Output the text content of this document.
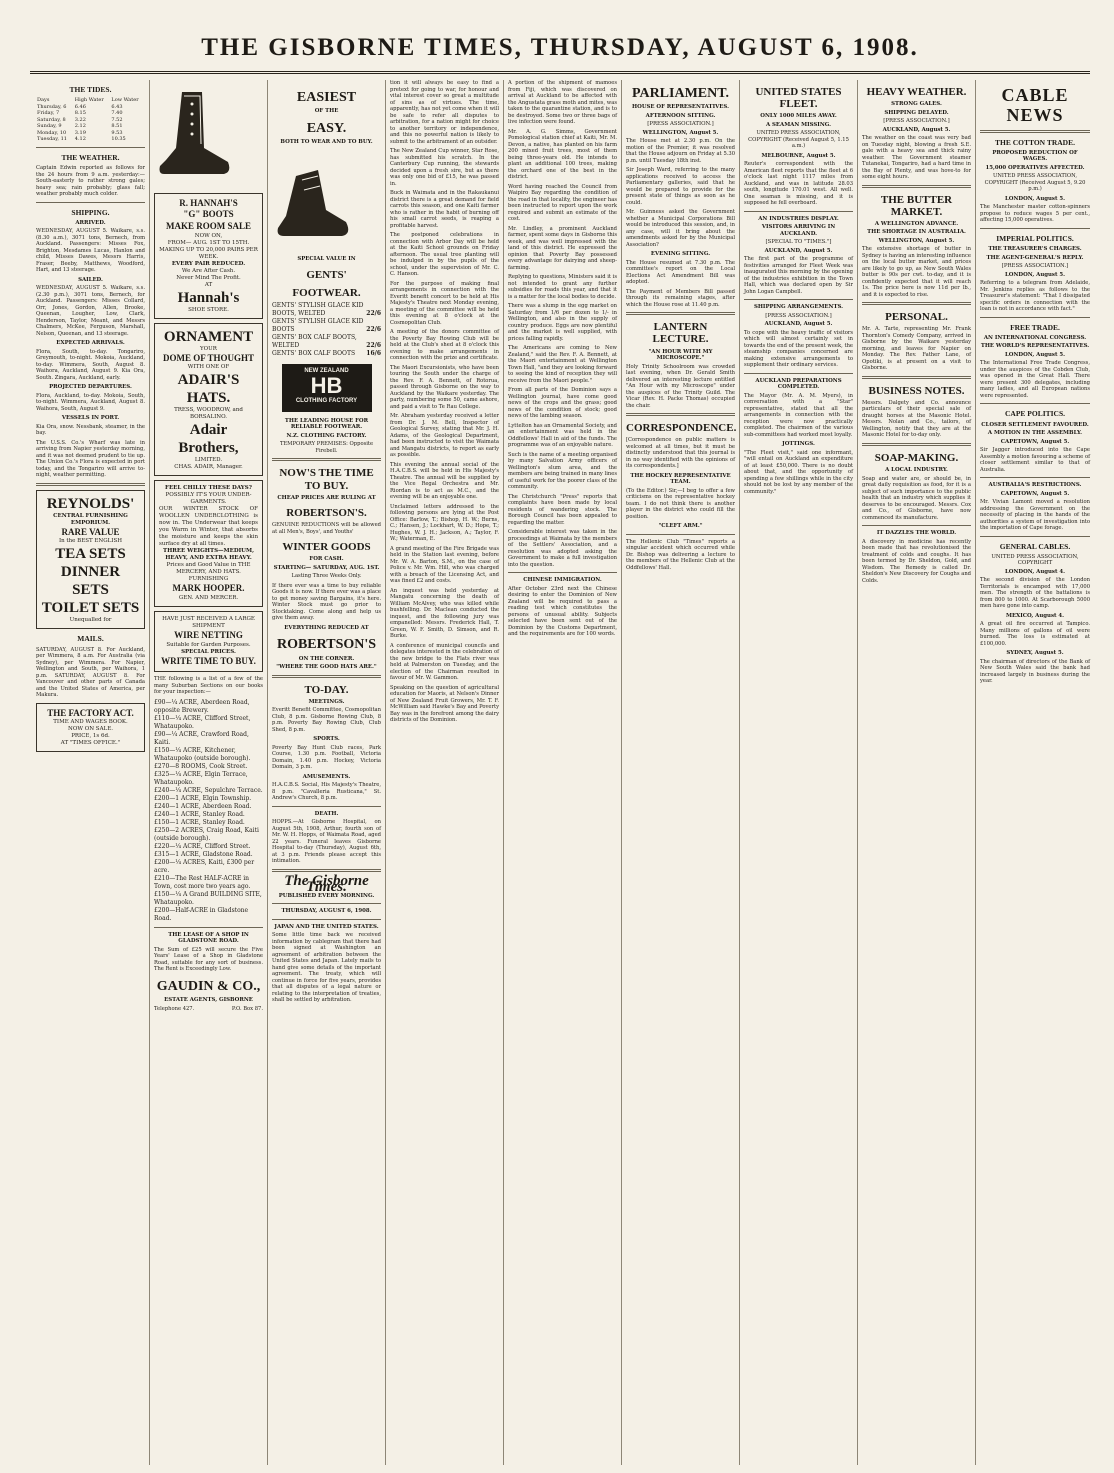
THE GISBORNE TIMES, THURSDAY, AUGUST 6, 1908.
THE TIDES.
Days	High Water	Low Water
Thursday, 6	6.46	6.43
Friday, 7	8.15	7.40
Saturday, 8	3.22	7.52
Sunday, 9	2.12	8.51
Monday, 10	3.19	9.53
Tuesday, 11	4.12	10.35
THE WEATHER.
Captain Edwin reported as follows for the 24 hours from 9 a.m. yesterday:— South-easterly to rather strong gales; heavy sea; rain probably; glass fall; weather probably much colder.
SHIPPING.
ARRIVED.
WEDNESDAY, AUGUST 5. Waikare, s.s. (8.30 a.m.), 3071 tons, Bernech, from Auckland. Passengers: Misses Fox, Brighton, Mesdames Lucas, Hanlon and child, Misses Dawes, Messrs Harris, Fraser, Beeby, Matthews, Woodford, Hart, and 13 steerage.
SAILED.
WEDNESDAY, AUGUST 5. Waikare, s.s. (2.30 p.m.), 3071 tons, Bernech, for Auckland. Passengers: Misses Collard, Orr, Jones, Gordon, Allen, Brooke, Queenan, Lougher, Low, Clark, Henderson, Taylor, Meant, and Messrs Chalmers, McKee, Ferguson, Marshall, Nelson, Queenan, and 13 steerage.
EXPECTED ARRIVALS.
Flora, South, to-day. Tongariro, Greymouth, to-night. Mokoia, Auckland, to-day. Wimmera, South, August 8. Waihora, Auckland, August 9. Kia Ora, South. Zingara, Auckland, early.
PROJECTED DEPARTURES.
Flora, Auckland, to-day. Mokoia, South, to-night. Wimmera, Auckland, August 8. Waihora, South, August 9.
VESSELS IN PORT.
Kia Ora, snow. Nessbank, steamer, in the bay.
The U.S.S. Co.'s Wharf was late in arriving from Napier yesterday morning, and it was not deemed prudent to tie up. The Union Co.'s Flora is expected in port today, and the Tongariro will arrive to-night, weather permitting.
REYNOLDS'
CENTRAL FURNISHING EMPORIUM.
RARE VALUE
In the BEST ENGLISH
TEA SETS
DINNER SETS
TOILET SETS
Unequalled for
MAILS.
SATURDAY, AUGUST 8. For Auckland, per Wimmera, 8 a.m. For Australia (via Sydney), per Wimmera. For Napier, Wellington and South, per Waihora, 1 p.m. SATURDAY, AUGUST 8. For Vancouver and other parts of Canada and the United States of America, per Makura.
THE FACTORY ACT.
TIME AND WAGES BOOK.
NOW ON SALE.
PRICE, 1s 6d.
AT "TIMES OFFICE."
R. HANNAH'S
"G" BOOTS
MAKE ROOM SALE
NOW ON,
FROM— AUG. 1ST TO 15TH.
MAKING UP TO 20,000 PAIRS PER WEEK.
EVERY PAIR REDUCED.
We Are After Cash.
Never Mind The Profit.
AT
Hannah's
SHOE STORE.
ORNAMENT
YOUR
DOME OF THOUGHT
WITH ONE OF
ADAIR'S
HATS.
TRESS, WOODROW, and BORSALINO.
Adair Brothers,
LIMITED.
CHAS. ADAIR, Manager.
FEEL CHILLY THESE DAYS?
POSSIBLY IT'S YOUR UNDER-GARMENTS.
OUR WINTER STOCK OF WOOLLEN UNDERCLOTHING is now in. The Underwear that keeps you Warm in Winter, that absorbs the moisture and keeps the skin surface dry at all times.
THREE WEIGHTS—MEDIUM, HEAVY, AND EXTRA HEAVY.
Prices and Good Value in THE MERCERY, AND HATS.
FURNISHING
MARK HOOPER.
GEN. AND MERCER.
HAVE JUST RECEIVED A LARGE SHIPMENT
WIRE NETTING
Suitable for Garden Purposes.
SPECIAL PRICES.
WRITE TIME TO BUY.
THE following is a list of a few of the many Suburban Sections on our books for your inspection:—
£90—¼ ACRE, Aberdeen Road, opposite Brewery.
£110—¼ ACRE, Clifford Street, Whataupoko.
£90—¼ ACRE, Crawford Road, Kaiti.
£150—¼ ACRE, Kitchener, Whataupoko (outside borough).
£270—8 ROOMS, Cook Street.
£325—¼ ACRE, Elgin Terrace, Whataupoko.
£240—¼ ACRE, Sepulchre Terrace.
£200—1 ACRE, Elgin Township.
£240—1 ACRE, Aberdeen Road.
£240—1 ACRE, Stanley Road.
£150—1 ACRE, Stanley Road.
£250—2 ACRES, Craig Road, Kaiti (outside borough).
£220—¼ ACRE, Clifford Street.
£315—1 ACRE, Gladstone Road.
£200—¼ ACRES, Kaiti, £300 per acre.
£210—The Rest HALF-ACRE in Town, cost more two years ago.
£150—¼ A Grand BUILDING SITE, Whataupoko.
£200—Half-ACRE in Gladstone Road.
THE LEASE OF A SHOP IN GLADSTONE ROAD.
The Sum of £25 will secure the Five Years' Lease of a Shop in Gladstone Road, suitable for any sort of business. The Rent is Exceedingly Low.
GAUDIN & CO.,
ESTATE AGENTS, GISBORNE
Telephone 427.	P.O. Box 87.
EASIEST
OF THE
EASY.
BOTH TO WEAR AND TO BUY.
SPECIAL VALUE IN
GENTS'
FOOTWEAR.
GENTS' STYLISH GLACE KID BOOTS, WELTED	22/6
GENTS' STYLISH GLACE KID BOOTS	22/6
GENTS' BOX CALF BOOTS, WELTED	22/6
GENTS' BOX CALF BOOTS 16/6
NEW ZEALAND
HB
CLOTHING FACTORY
THE LEADING HOUSE FOR RELIABLE FOOTWEAR.
N.Z. CLOTHING FACTORY.
TEMPORARY PREMISES: Opposite Firebell.
NOW'S THE TIME TO BUY.
CHEAP PRICES ARE RULING AT
ROBERTSON'S.
GENUINE REDUCTIONS will be allowed at all Men's, Boys', and Youths'
WINTER GOODS
FOR CASH.
STARTING— SATURDAY, AUG. 1ST.
Lasting Three Weeks Only.
If there ever was a time to buy reliable Goods it is now. If there ever was a place to get money saving Bargains, it's here. Winter Stock must go prior to Stocktaking. Come along and help us give them away.
EVERYTHING REDUCED AT
ROBERTSON'S
ON THE CORNER.
"WHERE THE GOOD HATS ARE."
TO-DAY.
MEETINGS.
Everitt Benefit Committee, Cosmopolitan Club, 8 p.m. Gisborne Rowing Club, 8 p.m. Poverty Bay Rowing Club, Club Shed, 8 p.m.
SPORTS.
Poverty Bay Hunt Club races, Park Course, 1.30 p.m. Football, Victoria Domain, 1.40 p.m. Hockey, Victoria Domain, 3 p.m.
AMUSEMENTS.
H.A.C.B.S. Social, His Majesty's Theatre, 8 p.m. "Cavalleria Rusticana," St. Andrew's Church, 8 p.m.
DEATH.
HOPPS.—At Gisborne Hospital, on August 5th, 1908, Arthur, fourth son of Mr. W. H. Hopps, of Waimata Road, aged 22 years. Funeral leaves Gisborne Hospital to-day (Thursday), August 6th, at 3 p.m. Friends please accept this intimation.
The Gisborne Times.
PUBLISHED EVERY MORNING.
THURSDAY, AUGUST 6, 1908.
JAPAN AND THE UNITED STATES.
Some little time back we received information by cablegram that there had been signed at Washington an agreement of arbitration between the United States and Japan. Lately mails to hand give some details of the important agreement. The treaty, which will continue in force for five years, provides that all disputes of a legal nature or relating to the interpretation of treaties, shall be settled by arbitration.
tion it will always be easy to find a pretext for going to war, for honour and vital interest cover so great a multitude of sins as of virtues. The time, apparently, has not yet come when it will be safe to refer all disputes to arbitration, for a nation might for choice to another territory or independence, and this no powerful nation is likely to submit to the arbitrament of an outsider.
The New Zealand Cup winner, Star Rose, has submitted his scratch. In the Canterbury Cup running, the stewards decided upon a fresh sire, but as there was only one bid of £15, he was passed in.
Buck in Waimata and in the Rakaukanui district there is a great demand for field carrots this season, and one Kaiti farmer who is rather in the habit of burning off his small carrot seeds, is reaping a profitable harvest.
The postponed celebrations in connection with Arbor Day will be held at the Kaiti School grounds on Friday afternoon. The usual tree planting will be indulged in by the pupils of the school, under the supervision of Mr. C. C. Hanson.
For the purpose of making final arrangements in connection with the Everitt benefit concert to be held at His Majesty's Theatre next Monday evening, a meeting of the committee will be held this evening at 8 o'clock at the Cosmopolitan Club.
A meeting of the donors committee of the Poverty Bay Rowing Club will be held at the Club's shed at 8 o'clock this evening to make arrangements in connection with the prize and certificate.
The Maori Excursionists, who have been touring the South under the charge of the Rev. F. A. Bennett, of Rotorua, passed through Gisborne on the way to Auckland by the Waikare yesterday. The party, numbering some 50, came ashore, and paid a visit to Te Rau College.
Mr. Abraham yesterday received a letter from Dr. J. M. Bell, Inspector of Geological Survey, stating that Mr. J. H. Adams, of the Geological Department, had been instructed to visit the Waimata and Mangatu districts, to report as early as possible.
This evening the annual social of the H.A.C.B.S. will be held in His Majesty's Theatre. The annual will be supplied by the Vice Regal Orchestra and Mr. Riordan is to act as M.C., and the evening will be an enjoyable one.
Unclaimed letters addressed to the following persons are lying at the Post Office: Barlow, T.; Bishop, H. W.; Burns, C.; Hansen, J.; Lockhart, W. D.; Hope, T.; Hughes, W. J. H.; Jackson, A.; Taylor, F. W.; Waterman, E.
A grand meeting of the Fire Brigade was held in the Station last evening, before Mr. W. A. Barton, S.M., on the case of Police v. Mr. Wm. Hill, who was charged with a breach of the Licensing Act, and was fined £2 and costs.
An inquest was held yesterday at Mangatu concerning the death of William McAlvey, who was killed while bushfelling. Dr. Maclean conducted the inquest, and the following jury was empanelled: Messrs. Frederick Hall, T. Green, W. F. Smith, D. Simson, and R. Burke.
A conference of municipal councils and delegates interested in the celebration of the new bridge to the Flats river was held at Palmerston on Tuesday, and the election of the Chairman resulted in favour of Mr. W. Gammon.
Speaking on the question of agricultural education for Maoris, at Nelson's Dinner of New Zealand Fruit Growers, Mr. T. F. McWilliam said Hawke's Bay and Poverty Bay was in the forefront among the dairy districts of the Dominion.
A portion of the shipment of mamoes from Fiji, which was discovered on arrival at Auckland to be affected with the Angustata grass moth and mites, was taken to the quarantine station, and is to be destroyed. Some two or three bags of live infection were found.
Mr. A. G. Simms, Government Pomological station chief at Kaiti, Mr. M. Devon, a native, has planted on his farm 200 mixed fruit trees, most of them being three-years old. He intends to plant an additional 100 trees, making the orchard one of the best in the district.
Word having reached the Council from Waipiro Bay regarding the condition of the road in that locality, the engineer has been instructed to report upon the work required and submit an estimate of the cost.
Mr. Lindley, a prominent Auckland farmer, spent some days in Gisborne this week, and was well impressed with the land of this district. He expressed the opinion that Poverty Bay possessed every advantage for dairying and sheep-farming.
Replying to questions, Ministers said it is not intended to grant any further subsidies for roads this year, and that it is a matter for the local bodies to decide.
There was a slump in the egg market on Saturday from 1/6 per dozen to 1/- in Wellington, and also in the supply of country produce. Eggs are now plentiful and the market is well supplied, with prices falling rapidly.
The Americans are coming to New Zealand," said the Rev. F. A. Bennett, at the Maori entertainment at Wellington Town Hall, "and they are looking forward to seeing the kind of reception they will receive from the Maori people."
From all parts of the Dominion says a Wellington journal, have come good news of the crops and the grass; good news of the condition of stock; good news of the lambing season.
Lyttelton has an Ornamental Society, and an entertainment was held in the Oddfellows' Hall in aid of the funds. The programme was of an enjoyable nature.
Such is the name of a meeting organised by many Salvation Army officers of Wellington's slum area, and the members are being trained in many lines of useful work for the poorer class of the community.
The Christchurch "Press" reports that complaints have been made by local residents of wandering stock. The Borough Council has been appealed to regarding the matter.
Considerable interest was taken in the proceedings at Waimata by the members of the Settlers' Association, and a resolution was adopted asking the Government to make a full investigation into the question.
CHINESE IMMIGRATION.
After October 23rd next the Chinese desiring to enter the Dominion of New Zealand will be required to pass a reading test which constitutes the persons of unusual ability. Subjects selected have been sent out of the Dominion by the Customs Department, and the requirements are for 100 words.
PARLIAMENT.
HOUSE OF REPRESENTATIVES.
AFTERNOON SITTING.
[PRESS ASSOCIATION.]
WELLINGTON, August 5.
The House met at 2.30 p.m. On the motion of the Premier, it was resolved that the House adjourn on Friday at 5.30 p.m. until Tuesday 18th inst.
Sir Joseph Ward, referring to the many applications received to access the Parliamentary galleries, said that he would be prepared to provide for the present state of things as soon as he could.
Mr. Guinness asked the Government whether a Municipal Corporations Bill would be introduced this session, and, in any case, will it bring about the amendments asked for by the Municipal Association?
EVENING SITTING.
The House resumed at 7.30 p.m. The committee's report on the Local Elections Act Amendment Bill was adopted.
The Payment of Members Bill passed through its remaining stages, after which the House rose at 11.40 p.m.
LANTERN LECTURE.
"AN HOUR WITH MY MICROSCOPE."
Holy Trinity Schoolroom was crowded last evening, when Dr. Gerald Smith delivered an interesting lecture entitled "An Hour with my Microscope" under the auspices of the Trinity Guild. The Vicar (Rev. H. Packe Thomas) occupied the chair.
CORRESPONDENCE.
[Correspondence on public matters is welcomed at all times, but it must be distinctly understood that this journal is in no way identified with the opinions of its correspondents.]
THE HOCKEY REPRESENTATIVE TEAM.
(To the Editor.) Sir,—I beg to offer a few criticisms on the representative hockey team. I do not think there is another player in the district who could fill the position.
"CLEFT ARM."
The Hellenic Club "Times" reports a singular accident which occurred while Dr. Bishop was delivering a lecture to the members of the Hellenic Club at the Oddfellows' Hall.
UNITED STATES FLEET.
ONLY 1000 MILES AWAY.
A SEAMAN MISSING.
UNITED PRESS ASSOCIATION, COPYRIGHT (Received August 5, 1.15 a.m.)
MELBOURNE, August 5.
Reuter's correspondent with the American fleet reports that the fleet at 6 o'clock last night 1117 miles from Auckland, and was in latitude 28.03 south, longitude 170.01 west. All well. One seaman is missing, and it is supposed he fell overboard.
AN INDUSTRIES DISPLAY.
VISITORS ARRIVING IN AUCKLAND.
[SPECIAL TO "TIMES."]
AUCKLAND, August 5.
The first part of the programme of festivities arranged for Fleet Week was inaugurated this morning by the opening of the industries exhibition in the Town Hall, which was declared open by Sir John Logan Campbell.
SHIPPING ARRANGEMENTS.
[PRESS ASSOCIATION.]
AUCKLAND, August 5.
To cope with the heavy traffic of visitors which will almost certainly set in towards the end of the present week, the steamship companies concerned are making extensive arrangements to supplement their ordinary services.
AUCKLAND PREPARATIONS COMPLETED.
The Mayor (Mr. A. M. Myers), in conversation with a "Star" representative, stated that all the arrangements in connection with the reception were now practically completed. The chairmen of the various sub-committees had worked most loyally.
JOTTINGS.
"The Fleet visit," said one informant, "will entail on Auckland an expenditure of at least £50,000. There is no doubt about that, and the opportunity of spending a few shillings while in the city should not be lost by any member of the community."
HEAVY WEATHER.
STRONG GALES.
SHIPPING DELAYED.
[PRESS ASSOCIATION.]
AUCKLAND, August 5.
The weather on the coast was very bad on Tuesday night, blowing a fresh S.E. gale with a heavy sea and thick rainy weather. The Government steamer Tutanekai, Tongariro, had a hard time in the Bay of Plenty, and was hove-to for some eight hours.
THE BUTTER MARKET.
A WELLINGTON ADVANCE.
THE SHORTAGE IN AUSTRALIA.
WELLINGTON, August 5.
The extensive shortage of butter in Sydney is having an interesting influence on the local butter market, and prices are likely to go up, as New South Wales butter is 90s per cwt. to-day, and it is confidently expected that it will reach 1s. The price here is now 11d per lb., and it is expected to rise.
PERSONAL.
Mr. A. Tarte, representing Mr. Frank Thornton's Comedy Company, arrived in Gisborne by the Waikare yesterday morning, and leaves for Napier on Monday. The Rev. Father Lane, of Opotiki, is at present on a visit to Gisborne.
BUSINESS NOTES.
Messrs. Dalgety and Co. announce particulars of their special sale of draught horses at the Masonic Hotel. Messrs. Nolan and Co., tailors, of Wellington, notify that they are at the Masonic Hotel for to-day only.
SOAP-MAKING.
A LOCAL INDUSTRY.
Soap and water are, or should be, in great daily requisition as food, for it is a subject of such importance to the public health that an industry which supplies it deserves to be encouraged. Messrs. Cox and Co., of Gisborne, have now commenced its manufacture.
IT DAZZLES THE WORLD.
A discovery in medicine has recently been made that has revolutionised the treatment of colds and coughs. It has been termed by Dr. Sheldon, Gold, and Wisdom. The Remedy is called Dr. Sheldon's New Discovery for Coughs and Colds.
CABLE NEWS
THE COTTON TRADE.
PROPOSED REDUCTION OF WAGES.
15,000 OPERATIVES AFFECTED.
UNITED PRESS ASSOCIATION, COPYRIGHT (Received August 5, 9.20 p.m.)
LONDON, August 5.
The Manchester master cotton-spinners propose to reduce wages 5 per cent., affecting 15,000 operatives.
IMPERIAL POLITICS.
THE TREASURER'S CHARGES.
THE AGENT-GENERAL'S REPLY.
[PRESS ASSOCIATION.]
LONDON, August 5.
Referring to a telegram from Adelaide, Mr. Jenkins replies as follows to the Treasurer's statement: "That I dissipated specific orders in connection with the loan is not in accordance with fact."
FREE TRADE.
AN INTERNATIONAL CONGRESS.
THE WORLD'S REPRESENTATIVES.
LONDON, August 5.
The International Free Trade Congress, under the auspices of the Cobden Club, was opened in the Great Hall. There were present 300 delegates, including many ladies, and all European nations were represented.
CAPE POLITICS.
CLOSER SETTLEMENT FAVOURED.
A MOTION IN THE ASSEMBLY.
CAPETOWN, August 5.
Sir Jagger introduced into the Cape Assembly a motion favouring a scheme of closer settlement similar to that of Australia.
AUSTRALIA'S RESTRICTIONS.
CAPETOWN, August 5.
Mr. Vivian Lamont moved a resolution addressing the Government on the necessity of placing in the hands of the authorities a system of investigation into the importation of Cape forage.
GENERAL CABLES.
UNITED PRESS ASSOCIATION, COPYRIGHT
LONDON, August 4.
The second division of the London Territorials is encamped with 17,000 men. The strength of the battalions is from 800 to 1000. At Scarborough 5000 men have gone into camp.
MEXICO, August 4.
A great oil fire occurred at Tampico. Many millions of gallons of oil were burned. The loss is estimated at £100,000.
SYDNEY, August 5.
The chairman of directors of the Bank of New South Wales said the bank had increased largely in business during the year.
